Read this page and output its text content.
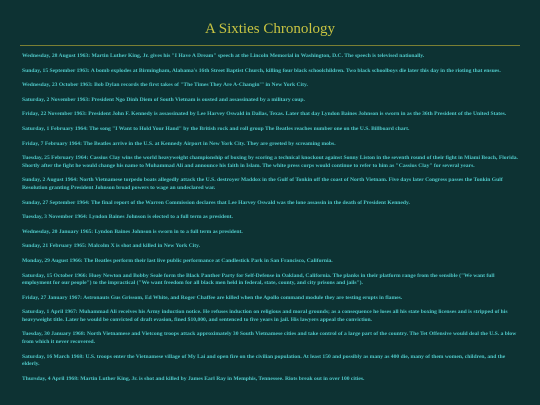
A Sixties Chronology

Wednesday, 28 August 1963: Martin Luther King, Jr. gives his "I Have A Dream" speech at the Lincoln Memorial in Washington, D.C. The speech is televised nationally.

Sunday, 15 September 1963: A bomb explodes at Birmingham, Alabama's 16th Street Baptist Church, killing four black schoolchildren. Two black schoolboys die later this day in the rioting that ensues.

Wednesday, 23 October 1963: Bob Dylan records the first takes of "The Times They Are A-Changin'" in New York City.

Saturday, 2 November 1963: President Ngo Dinh Diem of South Vietnam is ousted and assassinated by a military coup.

Friday, 22 November 1963: President John F. Kennedy is assassinated by Lee Harvey Oswald in Dallas, Texas. Later that day Lyndon Baines Johnson is sworn in as the 36th President of the United States.

Saturday, 1 February 1964: The song "I Want to Hold Your Hand" by the British rock and roll group The Beatles reaches number one on the U.S. Billboard chart.

Friday, 7 February 1964: The Beatles arrive in the U.S. at Kennedy Airport in New York City. They are greeted by screaming mobs.

Tuesday, 25 February 1964: Cassius Clay wins the world heavyweight championship of boxing by scoring a technical knockout against Sonny Liston in the seventh round of their fight in Miami Beach, Florida. Shortly after the fight he would change his name to Muhammad Ali and announce his faith in Islam. The white press corps would continue to refer to him as "Cassius Clay" for several years.

Sunday, 2 August 1964: North Vietnamese torpedo boats allegedly attack the U.S. destroyer Maddox in the Gulf of Tonkin off the coast of North Vietnam. Five days later Congress passes the Tonkin Gulf Resolution granting President Johnson broad powers to wage an undeclared war.

Sunday, 27 September 1964: The final report of the Warren Commission declares that Lee Harvey Oswald was the lone assassin in the death of President Kennedy.

Tuesday, 3 November 1964: Lyndon Baines Johnson is elected to a full term as president.

Wednesday, 20 January 1965: Lyndon Baines Johnson is sworn in to a full term as president.

Sunday, 21 February 1965: Malcolm X is shot and killed in New York City.

Monday, 29 August 1966: The Beatles perform their last live public performance at Candlestick Park in San Francisco, California.

Saturday, 15 October 1966: Huey Newton and Bobby Seale form the Black Panther Party for Self-Defense in Oakland, California. The planks in their platform range from the sensible ("We want full employment for our people") to the impractical ("We want freedom for all black men held in federal, state, county, and city prisons and jails").

Friday, 27 January 1967: Astronauts Gus Grissom, Ed White, and Roger Chaffee are killed when the Apollo command module they are testing erupts in flames.

Saturday, 1 April 1967: Muhammad Ali receives his Army induction notice. He refuses induction on religious and moral grounds; as a consequence he loses all his state boxing licenses and is stripped of his heavyweight title. Later he would be convicted of draft evasion, fined $10,000, and sentenced to five years in jail. His lawyers appeal the conviction.

Tuesday, 30 January 1968: North Vietnamese and Vietcong troops attack approximately 30 South Vietnamese cities and take control of a large part of the country. The Tet Offensive would deal the U.S. a blow from which it never recovered.

Saturday, 16 March 1968: U.S. troops enter the Vietnamese village of My Lai and open fire on the civilian population. At least 150 and possibly as many as 400 die, many of them women, children, and the elderly.

Thursday, 4 April 1968: Martin Luther King, Jr. is shot and killed by James Earl Ray in Memphis, Tennessee. Riots break out in over 100 cities.
